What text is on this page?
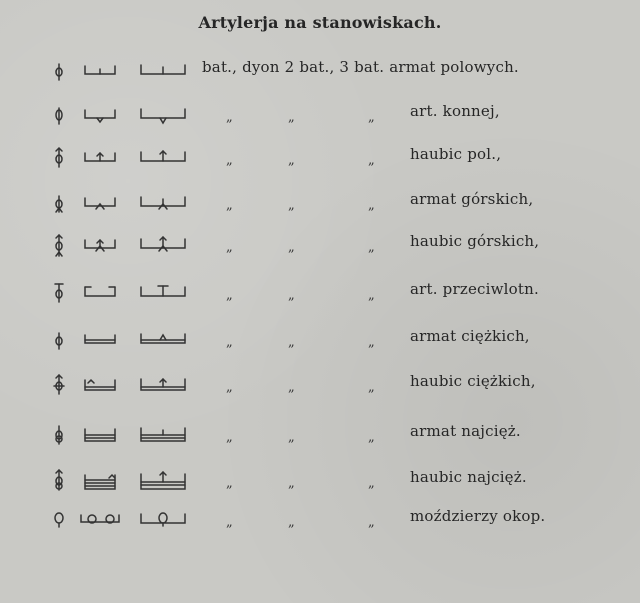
Artylerja na stanowiskach.
bat., dyon 2 bat., 3 bat. armat polowych.
„	„	„ art. konnej,
„	„	„ haubic pol.,
„	„	„ armat górskich,
„	„	„ haubic górskich,
„	„	„ art. przeciwlotn.
„	„	„ armat ciężkich,
„	„	„ haubic ciężkich,
„	„	„ armat najcięż.
„	„	„ haubic najcięż.
„	„	„ moździerzy okop.
